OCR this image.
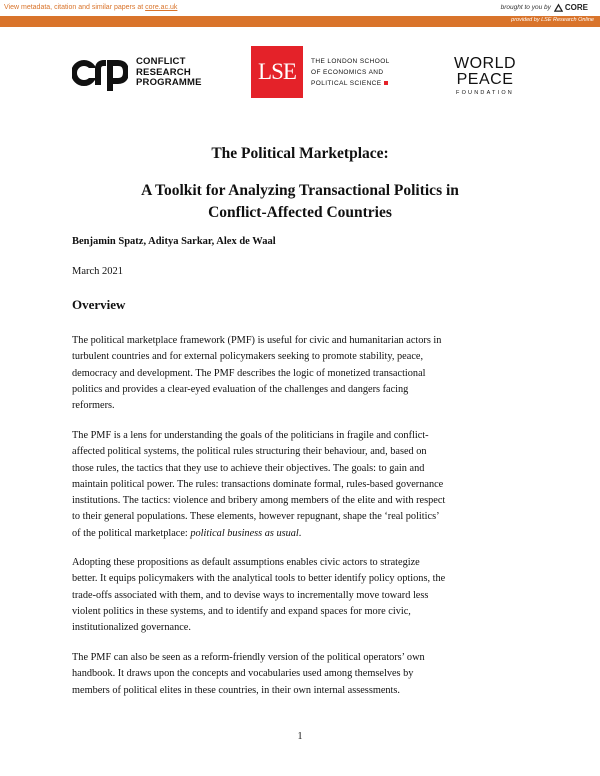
View metadata, citation and similar papers at core.ac.uk	brought to you by CORE
provided by LSE Research Online
CONFLICT
RESEARCH
PROGRAMME	LSE	THE LONDON SCHOOL
OF ECONOMICS AND
POLITICAL SCIENCE
WORLD
PEACE
FOUNDATION
The Political Marketplace:
A Toolkit for Analyzing Transactional Politics in
Conflict-Affected Countries
Benjamin Spatz, Aditya Sarkar, Alex de Waal
March 2021
Overview
The political marketplace framework (PMF) is useful for civic and humanitarian actors in
turbulent countries and for external policymakers seeking to promote stability, peace,
democracy and development. The PMF describes the logic of monetized transactional
politics and provides a clear-eyed evaluation of the challenges and dangers facing
reformers.
The PMF is a lens for understanding the goals of the politicians in fragile and conflict-
affected political systems, the political rules structuring their behaviour, and, based on
those rules, the tactics that they use to achieve their objectives. The goals: to gain and
maintain political power. The rules: transactions dominate formal, rules-based governance
institutions. The tactics: violence and bribery among members of the elite and with respect
to their general populations. These elements, however repugnant, shape the ‘real politics’
of the political marketplace: political business as usual.
Adopting these propositions as default assumptions enables civic actors to strategize
better. It equips policymakers with the analytical tools to better identify policy options, the
trade-offs associated with them, and to devise ways to incrementally move toward less
violent politics in these systems, and to identify and expand spaces for more civic,
institutionalized governance.
The PMF can also be seen as a reform-friendly version of the political operators’ own
handbook. It draws upon the concepts and vocabularies used among themselves by
members of political elites in these countries, in their own internal assessments.
1
